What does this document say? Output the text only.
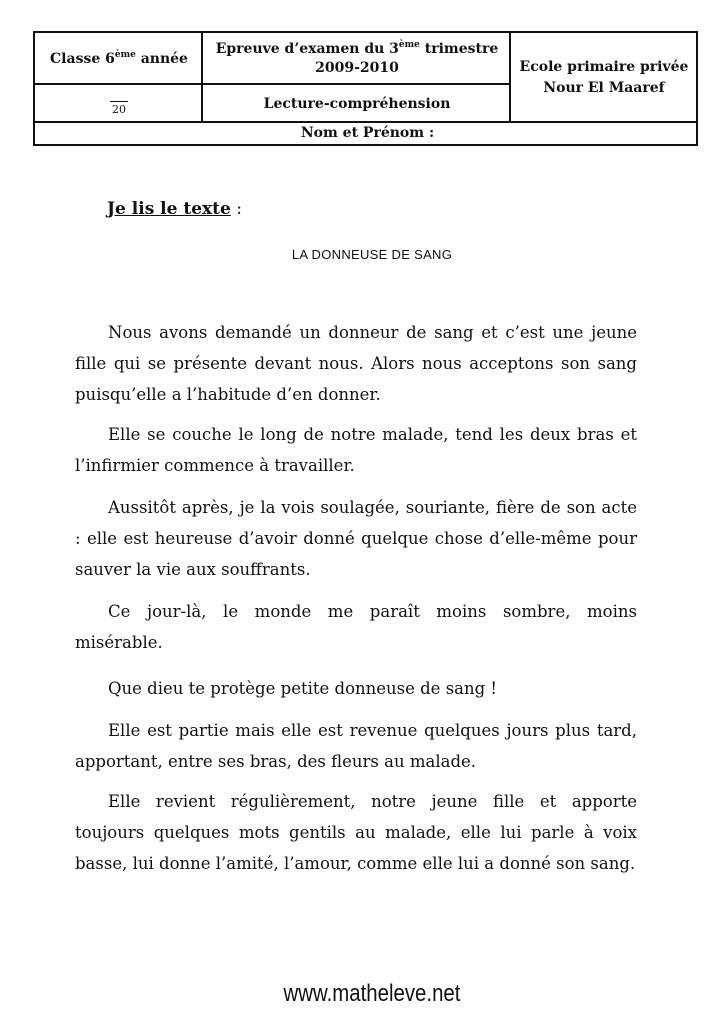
Classe 6ème année
Epreuve d’examen du 3ème trimestre
2009-2010	Ecole primaire privée
Nour El Maaref
20	Lecture-compréhension
Nom et Prénom :
Je lis le texte :
LA DONNEUSE DE SANG
Nous avons demandé un donneur de sang et c’est une jeune fille qui se présente devant nous. Alors nous acceptons son sang puisqu’elle a l’habitude d’en donner.
Elle se couche le long de notre malade, tend les deux bras et l’infirmier commence à travailler.
Aussitôt après, je la vois soulagée, souriante, fière de son acte : elle est heureuse d’avoir donné quelque chose d’elle-même pour sauver la vie aux souffrants.
Ce jour-là, le monde me paraît moins sombre, moins misérable.
Que dieu te protège petite donneuse de sang !
Elle est partie mais elle est revenue quelques jours plus tard, apportant, entre ses bras, des fleurs au malade.
Elle revient régulièrement, notre jeune fille et apporte toujours quelques mots gentils au malade, elle lui parle à voix basse, lui donne l’amité, l’amour, comme elle lui a donné son sang.
www.matheleve.net
